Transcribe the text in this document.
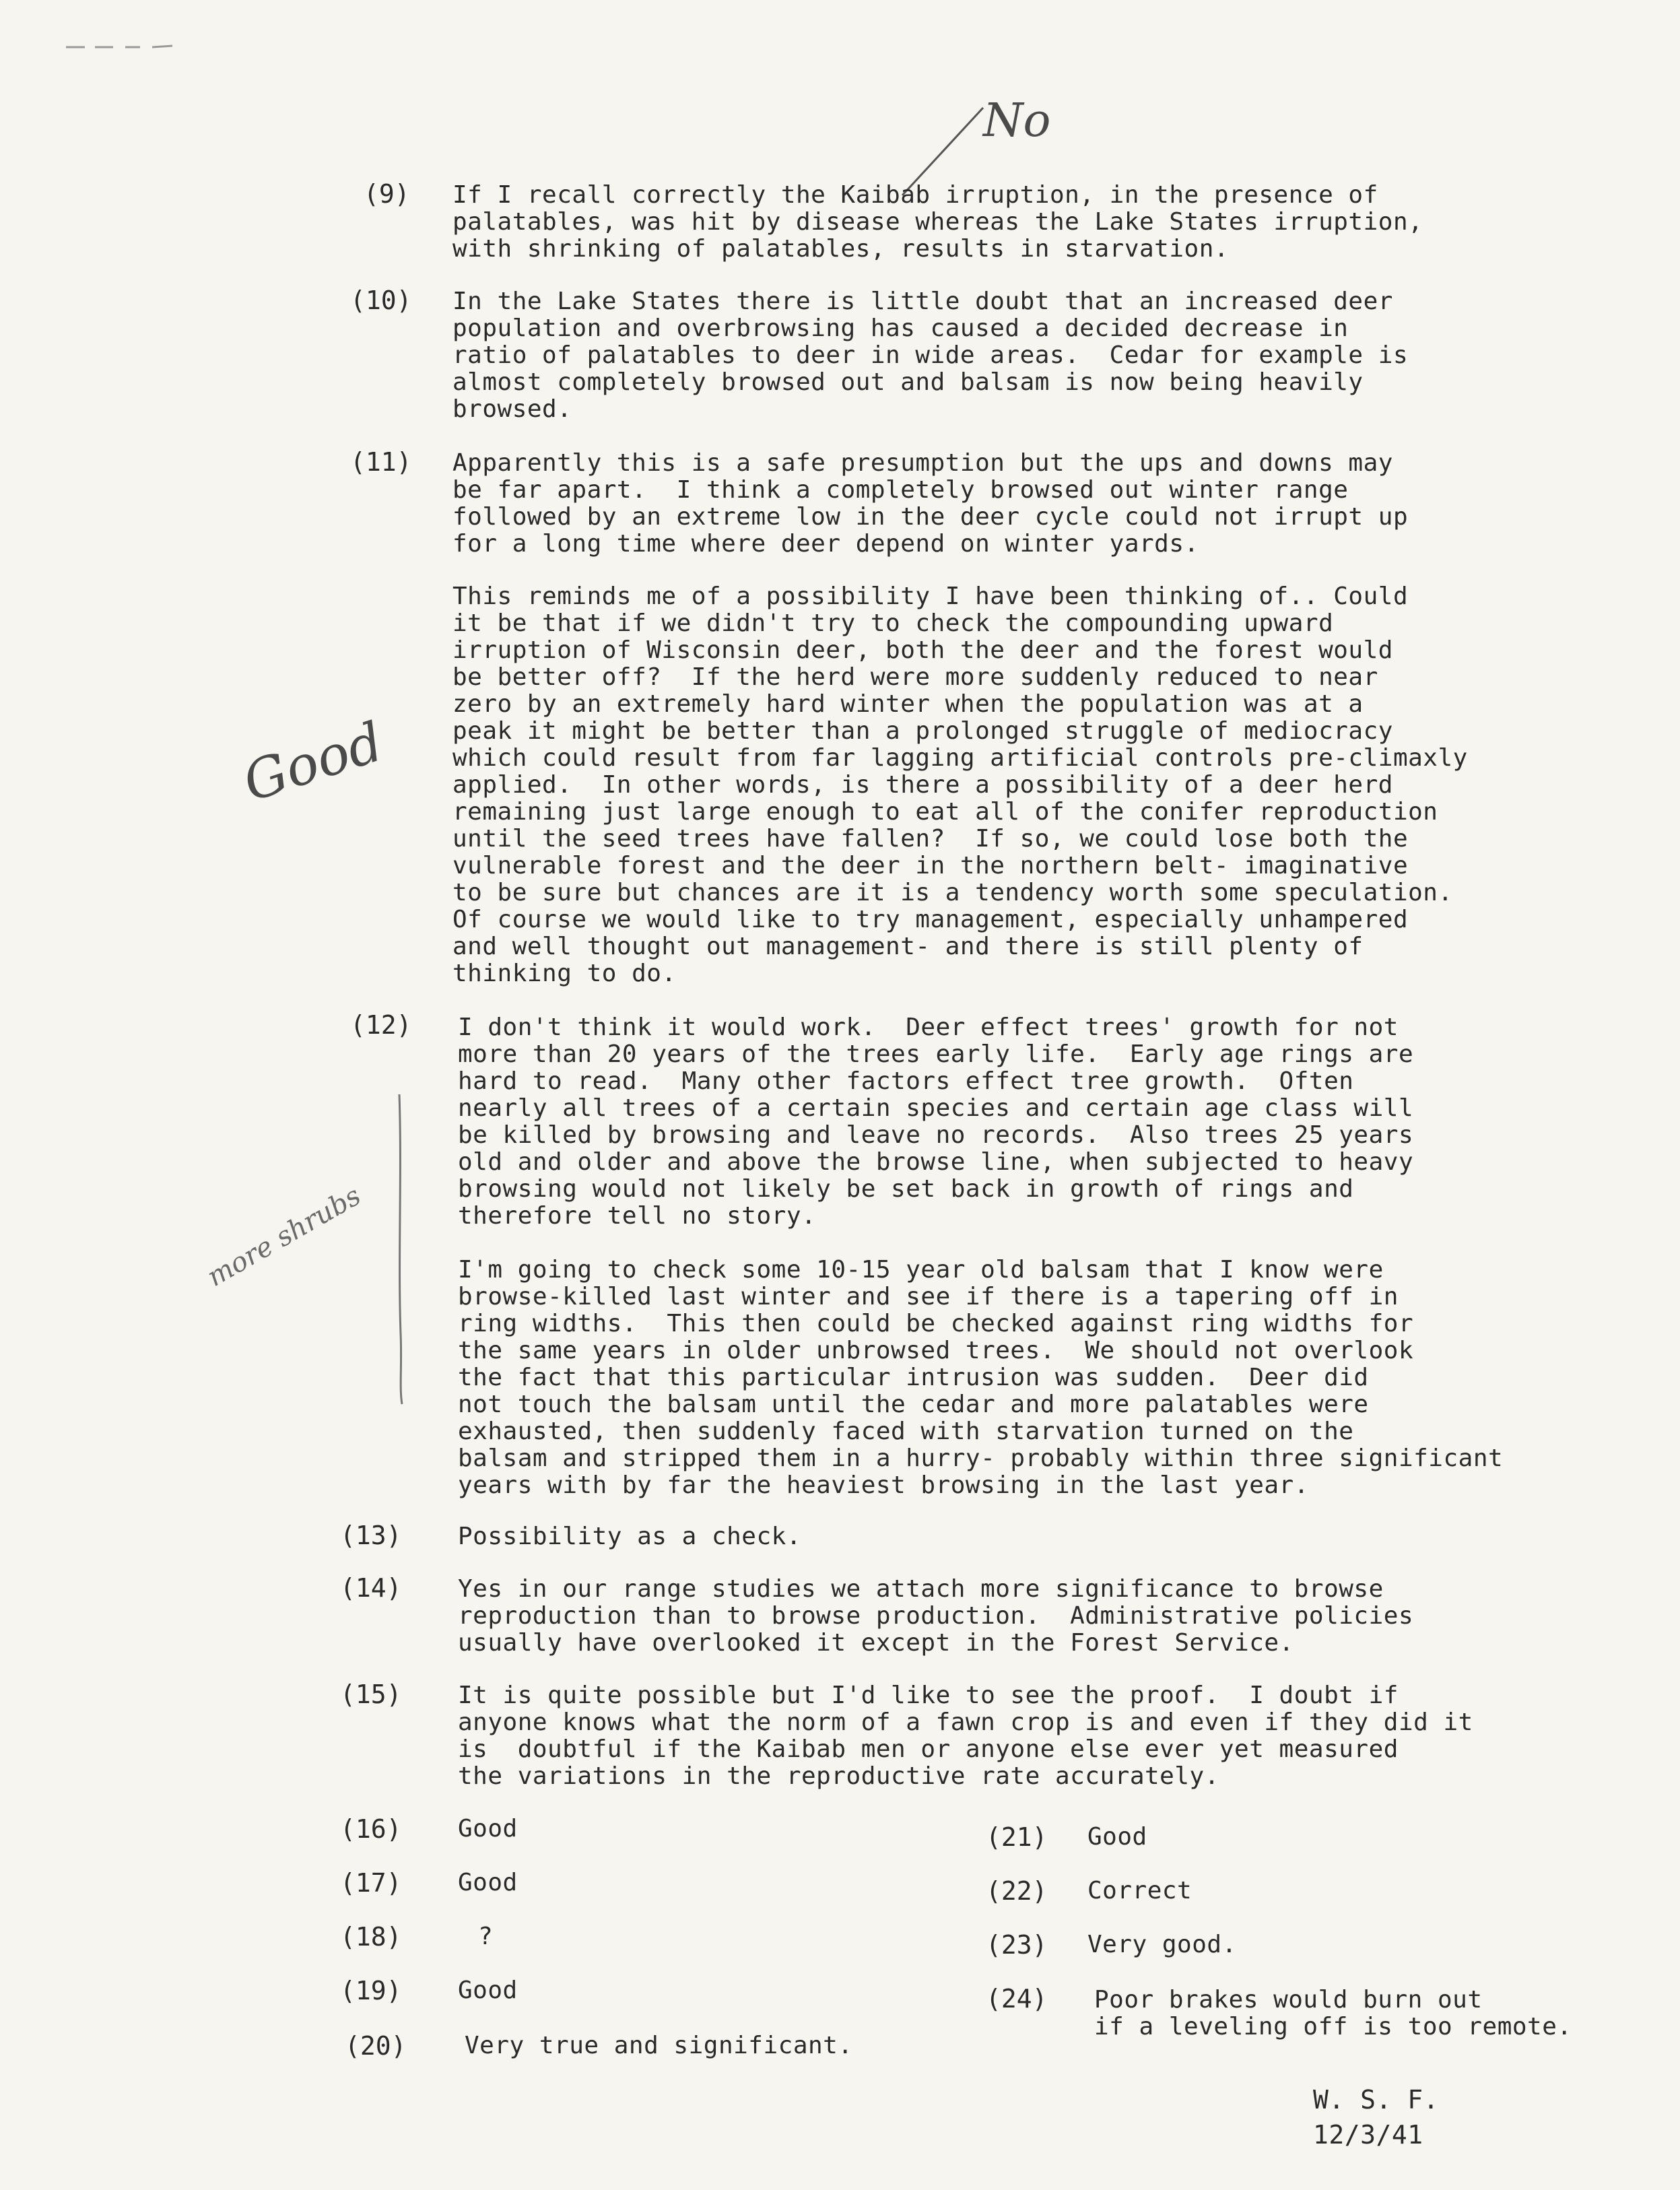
No
Good
more shrubs
(9) If I recall correctly the Kaibab irruption, in the presence of
palatables, was hit by disease whereas the Lake States irruption,
with shrinking of palatables, results in starvation.
(10) In the Lake States there is little doubt that an increased deer
population and overbrowsing has caused a decided decrease in
ratio of palatables to deer in wide areas.  Cedar for example is
almost completely browsed out and balsam is now being heavily
browsed.
(11) Apparently this is a safe presumption but the ups and downs may
be far apart.  I think a completely browsed out winter range
followed by an extreme low in the deer cycle could not irrupt up
for a long time where deer depend on winter yards.
This reminds me of a possibility I have been thinking of.. Could
it be that if we didn't try to check the compounding upward
irruption of Wisconsin deer, both the deer and the forest would
be better off?  If the herd were more suddenly reduced to near
zero by an extremely hard winter when the population was at a
peak it might be better than a prolonged struggle of mediocracy
which could result from far lagging artificial controls pre-climaxly
applied.  In other words, is there a possibility of a deer herd
remaining just large enough to eat all of the conifer reproduction
until the seed trees have fallen?  If so, we could lose both the
vulnerable forest and the deer in the northern belt- imaginative
to be sure but chances are it is a tendency worth some speculation.
Of course we would like to try management, especially unhampered
and well thought out management- and there is still plenty of
thinking to do.
(12) I don't think it would work.  Deer effect trees' growth for not
more than 20 years of the trees early life.  Early age rings are
hard to read.  Many other factors effect tree growth.  Often
nearly all trees of a certain species and certain age class will
be killed by browsing and leave no records.  Also trees 25 years
old and older and above the browse line, when subjected to heavy
browsing would not likely be set back in growth of rings and
therefore tell no story.
I'm going to check some 10-15 year old balsam that I know were
browse-killed last winter and see if there is a tapering off in
ring widths.  This then could be checked against ring widths for
the same years in older unbrowsed trees.  We should not overlook
the fact that this particular intrusion was sudden.  Deer did
not touch the balsam until the cedar and more palatables were
exhausted, then suddenly faced with starvation turned on the
balsam and stripped them in a hurry- probably within three significant
years with by far the heaviest browsing in the last year.
(13) Possibility as a check.
(14) Yes in our range studies we attach more significance to browse
reproduction than to browse production.  Administrative policies
usually have overlooked it except in the Forest Service.
(15) It is quite possible but I'd like to see the proof.  I doubt if
anyone knows what the norm of a fawn crop is and even if they did it
is  doubtful if the Kaibab men or anyone else ever yet measured
the variations in the reproductive rate accurately.
(16) Good
(17) Good
(18)	?
(19) Good
(20) Very true and significant.
(21) Good
(22) Correct
(23) Very good.
(24) Poor brakes would burn out
if a leveling off is too remote.
W. S. F.
12/3/41
